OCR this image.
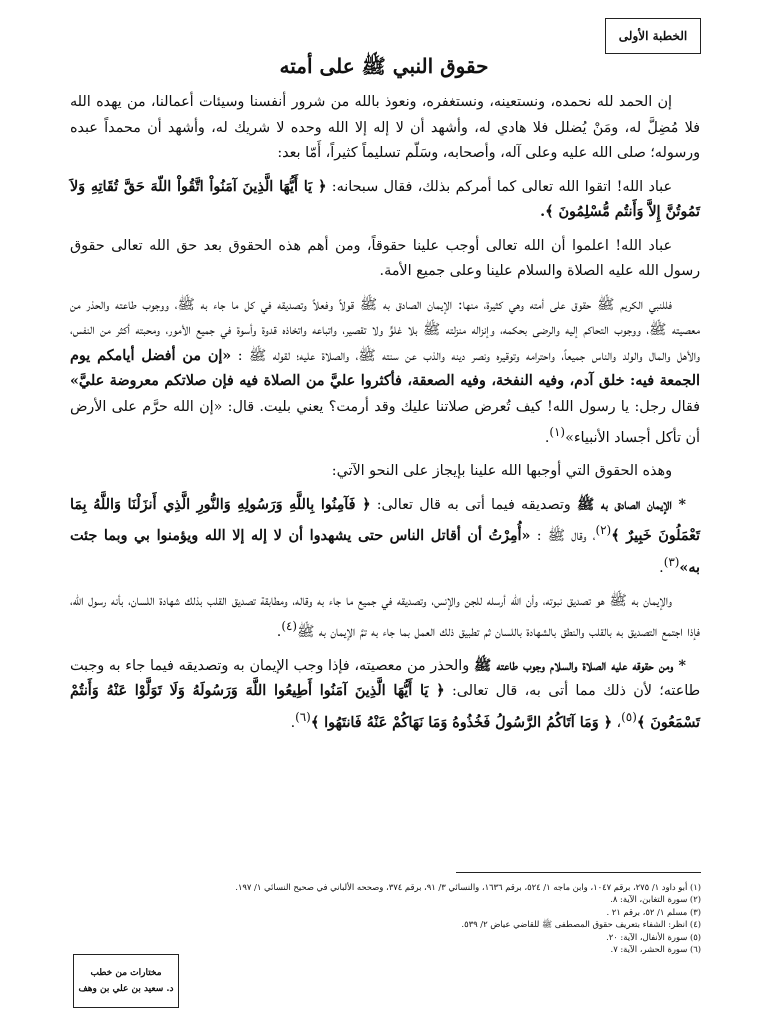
الخطبة الأولى
حقوق النبي ﷺ على أمته

إن الحمد لله نحمده، ونستعينه، ونستغفره، ونعوذ بالله من شرور أنفسنا وسيئات أعمالنا، من يهده الله فلا مُضِلَّ له، ومَنْ يُضلل فلا هادي له، وأشهد أن لا إله إلا الله وحده لا شريك له، وأشهد أن محمداً عبده ورسوله؛ صلى الله عليه وعلى آله، وأصحابه، وسَلّم تسليماً كثيراً، أَمّا بعد:

عباد الله! اتقوا الله تعالى كما أمركم بذلك، فقال سبحانه: ﴿ يَا أَيُّهَا الَّذِينَ آمَنُواْ اتَّقُواْ اللّهَ حَقَّ تُقَاتِهِ وَلاَ تَمُوتُنَّ إِلاَّ وَأَنتُم مُّسْلِمُونَ ﴾.

عباد الله! اعلموا أن الله تعالى أوجب علينا حقوقاً، ومن أهم هذه الحقوق بعد حق الله تعالى حقوق رسول الله عليه الصلاة والسلام علينا وعلى جميع الأمة.

فللنبي الكريم ﷺ حقوق على أمته وهي كثيرة، منها: الإيمان الصادق به ﷺ قولاً وفعلاً وتصديقه في كل ما جاء به ﷺ، ووجوب طاعته والحذر من معصيته ﷺ، ووجوب التحاكم إليه والرضى بحكمه، وإنزاله منزلته ﷺ بلا غلوٍّ ولا تقصير، واتباعه واتخاذه قدوة وأسوة في جميع الأمور، ومحبته أكثر من النفس، والأهل والمال والولد والناس جميعاً، واحترامه وتوقيره ونصر دينه والذب عن سنته ﷺ، والصلاة عليه؛ لقوله ﷺ : «إن من أفضل أيامكم يوم الجمعة فيه: خلق آدم، وفيه النفخة، وفيه الصعقة، فأكثروا عليَّ من الصلاة فيه فإن صلاتكم معروضة عليَّ» فقال رجل: يا رسول الله! كيف تُعرض صلاتنا عليك وقد أرمت؟ يعني بليت. قال: «إن الله حرَّم على الأرض أن تأكل أجساد الأنبياء»$^{(١)}$.

وهذه الحقوق التي أوجبها الله علينا بإيجاز على النحو الآتي:

* الإيمان الصادق به ﷺ وتصديقه فيما أتى به قال تعالى: ﴿ فَآمِنُوا بِاللَّهِ وَرَسُولِهِ وَالنُّورِ الَّذِي أَنزَلْنَا وَاللَّهُ بِمَا تَعْمَلُونَ خَبِيرٌ ﴾$^{(٢)}$، وقال ﷺ : «أُمِرْتُ أن أقاتل الناس حتى يشهدوا أن لا إله إلا الله ويؤمنوا بي وبما جئت به»$^{(٣)}$.

والإيمان به ﷺ هو تصديق نبوته، وأن الله أرسله للجن والإنس، وتصديقه في جميع ما جاء به وقاله، ومطابقة تصديق القلب بذلك شهادة اللسان، بأنه رسول الله، فإذا اجتمع التصديق به بالقلب والنطق بالشهادة باللسان ثم تطبيق ذلك العمل بما جاء به تمَّ الإيمان به ﷺ$^{(٤)}$.

* ومن حقوقه عليه الصلاة والسلام وجوب طاعته ﷺ والحذر من معصيته، فإذا وجب الإيمان به وتصديقه فيما جاء به وجبت طاعته؛ لأن ذلك مما أتى به، قال تعالى: ﴿ يَا أَيُّهَا الَّذِينَ آمَنُوا أَطِيعُوا اللَّهَ وَرَسُولَهُ وَلَا تَوَلَّوْا عَنْهُ وَأَنتُمْ تَسْمَعُونَ ﴾$^{(٥)}$، ﴿ وَمَا آتَاكُمُ الرَّسُولُ فَخُذُوهُ وَمَا نَهَاكُمْ عَنْهُ فَانتَهُوا ﴾$^{(٦)}$.

(١) أبو داود ١/ ٢٧٥، برقم ١٠٤٧، وابن ماجه ١/ ٥٢٤، برقم ١٦٣٦، والنسائي ٣/ ٩١، برقم ٣٧٤، وصححه الألباني في صحيح النسائي ١/ ١٩٧.
(٢) سورة التغابن، الآية: ٨.
(٣) مسلم ١/ ٥٢، برقم ٢١ .
(٤) انظر: الشفاء بتعريف حقوق المصطفى ﷺ للقاضي عياض ٢/ ٥٣٩.
(٥) سورة الأنفال، الآية: ٢٠.
(٦) سورة الحشر، الآية: ٧.
مختارات من خطب
د. سعيد بن علي بن وهف
